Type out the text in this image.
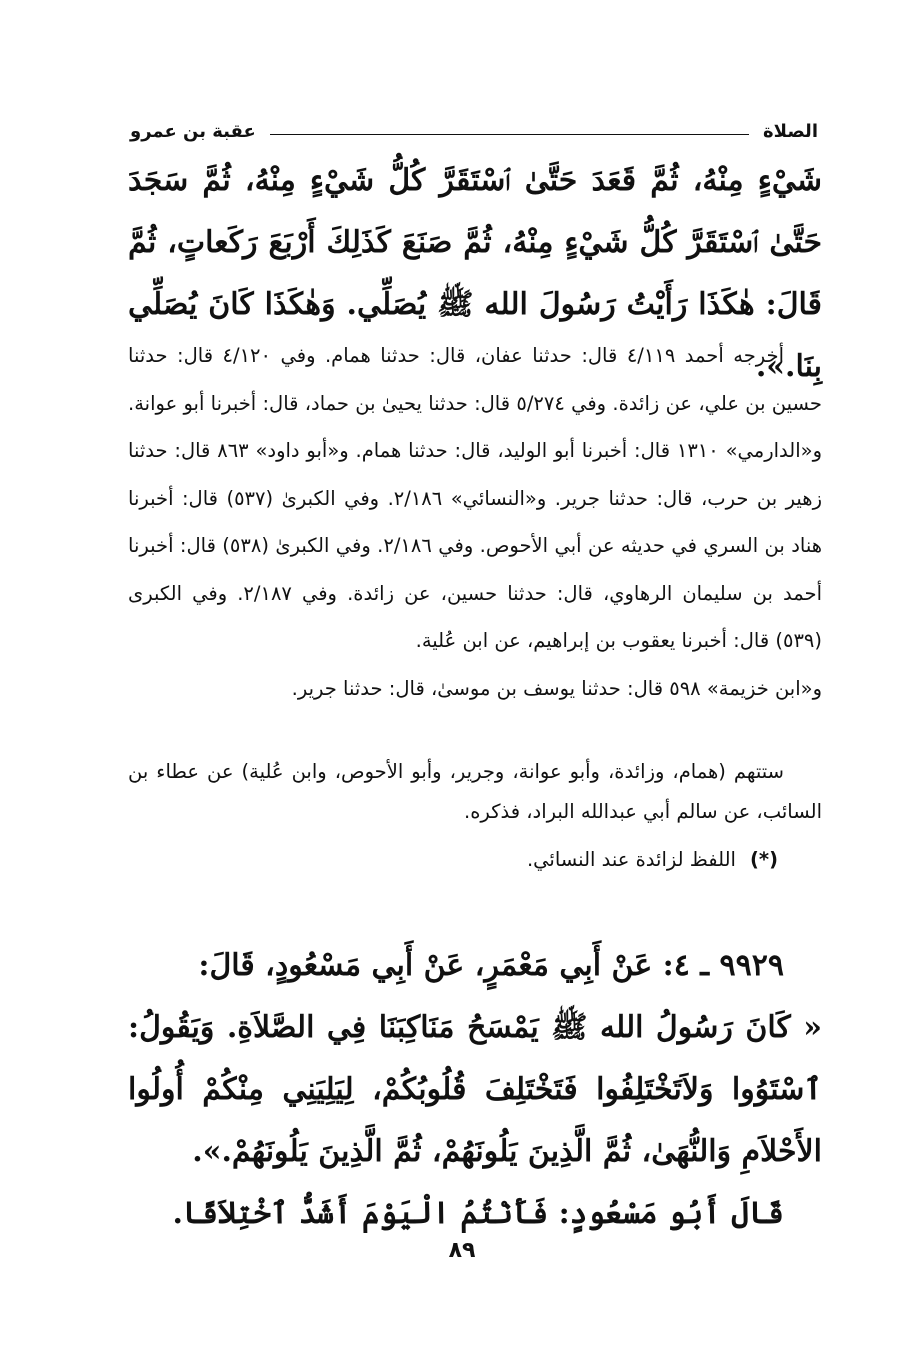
الصلاة
عقبة بن عمرو
شَيْءٍ مِنْهُ، ثُمَّ قَعَدَ حَتَّىٰ ٱسْتَقَرَّ كُلُّ شَيْءٍ مِنْهُ، ثُمَّ سَجَدَ حَتَّىٰ ٱسْتَقَرَّ كُلُّ شَيْءٍ مِنْهُ، ثُمَّ صَنَعَ كَذَلِكَ أَرْبَعَ رَكَعاتٍ، ثُمَّ قَالَ: هٰكَذَا رَأَيْتُ رَسُولَ الله ﷺ يُصَلِّي. وَهٰكَذَا كَانَ يُصَلِّي بِنَا.».

أخرجه أحمد ٤/١١٩ قال: حدثنا عفان، قال: حدثنا همام. وفي ٤/١٢٠ قال: حدثنا حسين بن علي، عن زائدة. وفي ٥/٢٧٤ قال: حدثنا يحيىٰ بن حماد، قال: أخبرنا أبو عوانة. و«الدارمي» ١٣١٠ قال: أخبرنا أبو الوليد، قال: حدثنا همام. و«أبو داود» ٨٦٣ قال: حدثنا زهير بن حرب، قال: حدثنا جرير. و«النسائي» ٢/١٨٦. وفي الكبرىٰ (٥٣٧) قال: أخبرنا هناد بن السري في حديثه عن أبي الأحوص. وفي ٢/١٨٦. وفي الكبرىٰ (٥٣٨) قال: أخبرنا أحمد بن سليمان الرهاوي، قال: حدثنا حسين، عن زائدة. وفي ٢/١٨٧. وفي الكبرى (٥٣٩) قال: أخبرنا يعقوب بن إبراهيم، عن ابن عُلية.

و«ابن خزيمة» ٥٩٨ قال: حدثنا يوسف بن موسىٰ، قال: حدثنا جرير.

ستتهم (همام، وزائدة، وأبو عوانة، وجرير، وأبو الأحوص، وابن عُلية) عن عطاء بن السائب، عن سالم أبي عبدالله البراد، فذكره.

(*)اللفظ لزائدة عند النسائي.

٩٩٢٩ ـ ٤: عَنْ أَبِي مَعْمَرٍ، عَنْ أَبِي مَسْعُودٍ، قَالَ:

« كَانَ رَسُولُ الله ﷺ يَمْسَحُ مَنَاكِبَنَا فِي الصَّلاَةِ. وَيَقُولُ: ٱسْتَوُوا وَلاَتَخْتَلِفُوا فَتَخْتَلِفَ قُلُوبُكُمْ، لِيَلِيَنِي مِنْكُمْ أُولُوا الأَحْلاَمِ وَالنُّهَىٰ، ثُمَّ الَّذِينَ يَلُونَهُمْ، ثُمَّ الَّذِينَ يَلُونَهُمْ.».

قَالَ أَبُو مَسْعُودٍ: فَأَنْتُمُ الْيَوْمَ أَشَدُّ ٱخْتِلاَفًا.

٨٩
